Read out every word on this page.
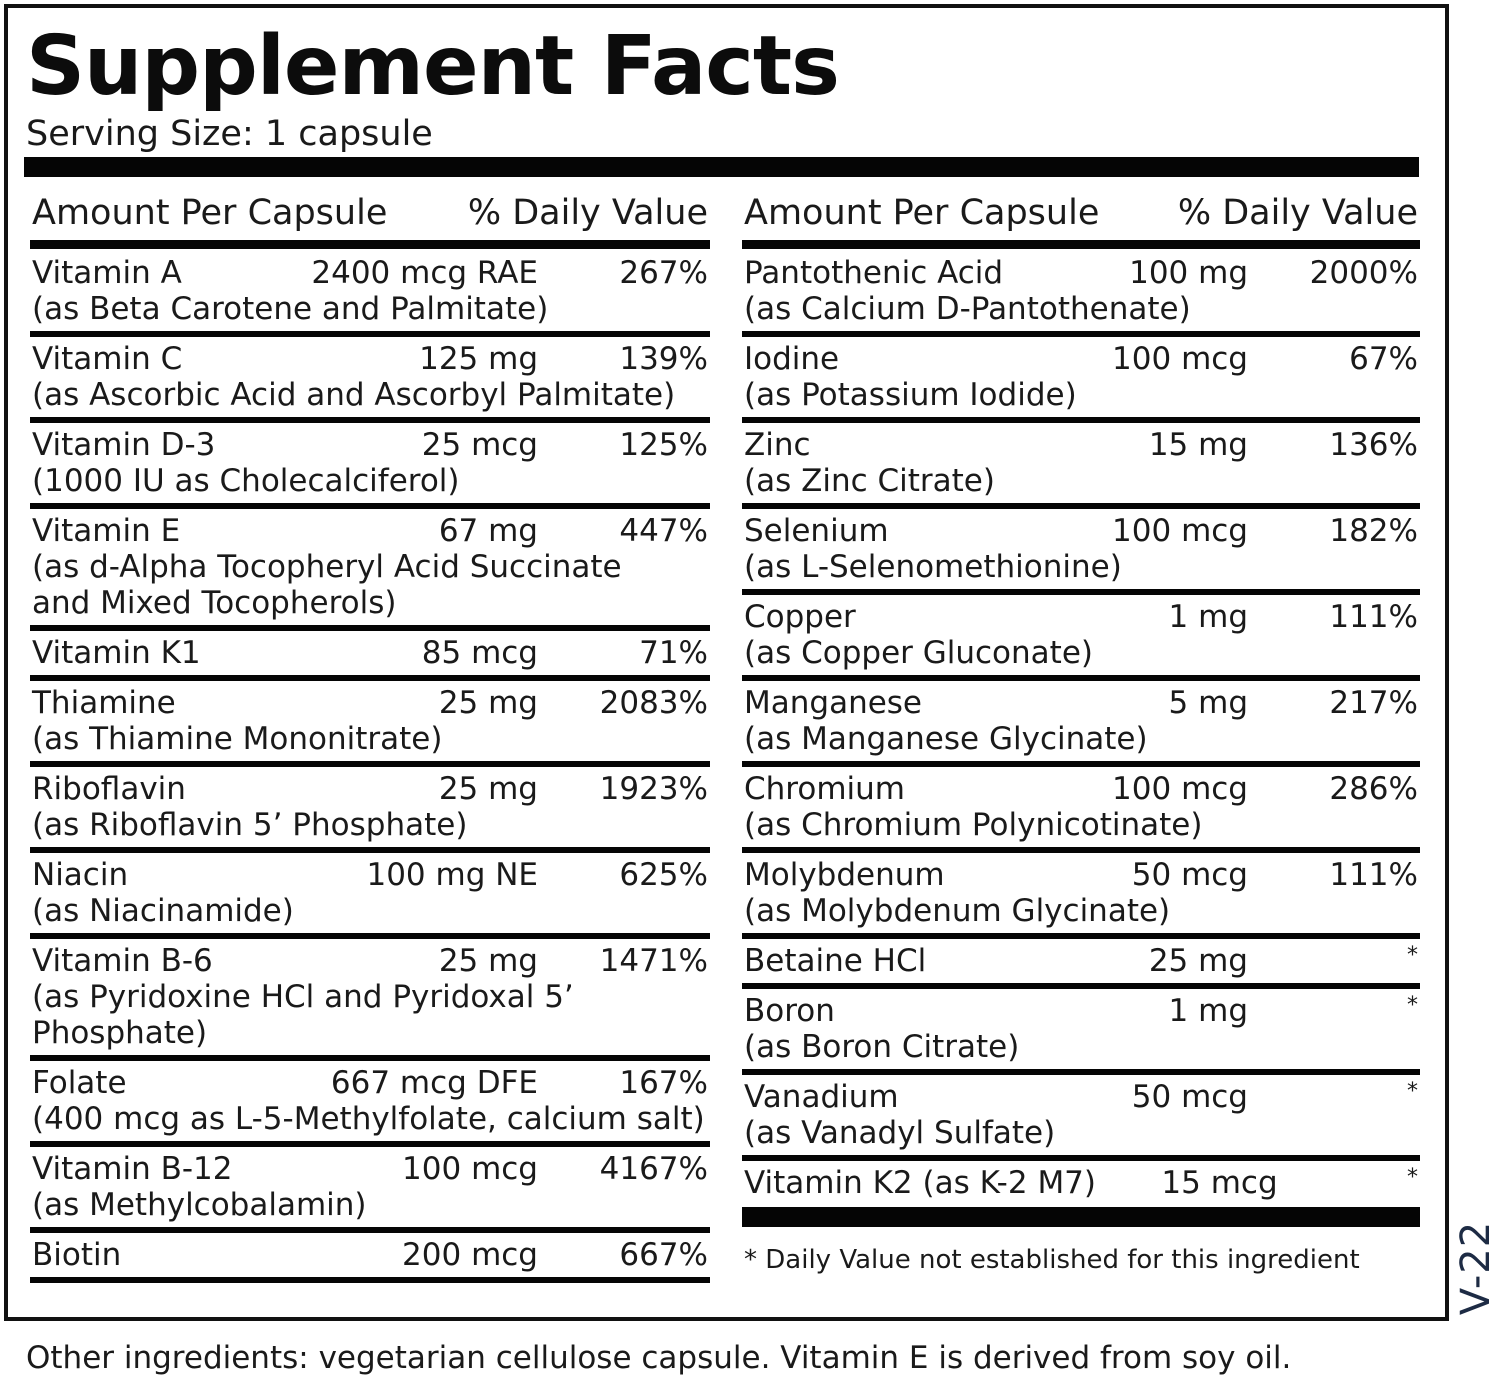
Supplement Facts
Serving Size: 1 capsule
Amount Per Capsule % Daily Value
Vitamin A	2400 mcg RAE	267%
(as Beta Carotene and Palmitate)
Vitamin C	125 mg	139%
(as Ascorbic Acid and Ascorbyl Palmitate)
Vitamin D-3	25 mcg	125%
(1000 IU as Cholecalciferol)
Vitamin E	67 mg	447%
(as d-Alpha Tocopheryl Acid Succinate
and Mixed Tocopherols)
Vitamin K1	85 mcg	71%
Thiamine	25 mg	2083%
(as Thiamine Mononitrate)
Riboflavin	25 mg	1923%
(as Riboflavin 5’ Phosphate)
Niacin	100 mg NE	625%
(as Niacinamide)
Vitamin B-6	25 mg	1471%
(as Pyridoxine HCl and Pyridoxal 5’
Phosphate)
Folate	667 mcg DFE	167%
(400 mcg as L-5-Methylfolate, calcium salt)
Vitamin B-12	100 mcg	4167%
(as Methylcobalamin)
Biotin	200 mcg	667%
Amount Per Capsule % Daily Value
Pantothenic Acid	100 mg	2000%
(as Calcium D-Pantothenate)
Iodine	100 mcg	67%
(as Potassium Iodide)
Zinc	15 mg	136%
(as Zinc Citrate)
Selenium	100 mcg	182%
(as L-Selenomethionine)
Copper	1 mg	111%
(as Copper Gluconate)
Manganese	5 mg	217%
(as Manganese Glycinate)
Chromium	100 mcg	286%
(as Chromium Polynicotinate)
Molybdenum	50 mcg	111%
(as Molybdenum Glycinate)
Betaine HCl	25 mg	*
Boron	1 mg	*
(as Boron Citrate)
Vanadium	50 mcg	*
(as Vanadyl Sulfate)
Vitamin K2 (as K-2 M7)	15 mcg	*
* Daily Value not established for this ingredient	V-22
Other ingredients: vegetarian cellulose capsule. Vitamin E is derived from soy oil.
